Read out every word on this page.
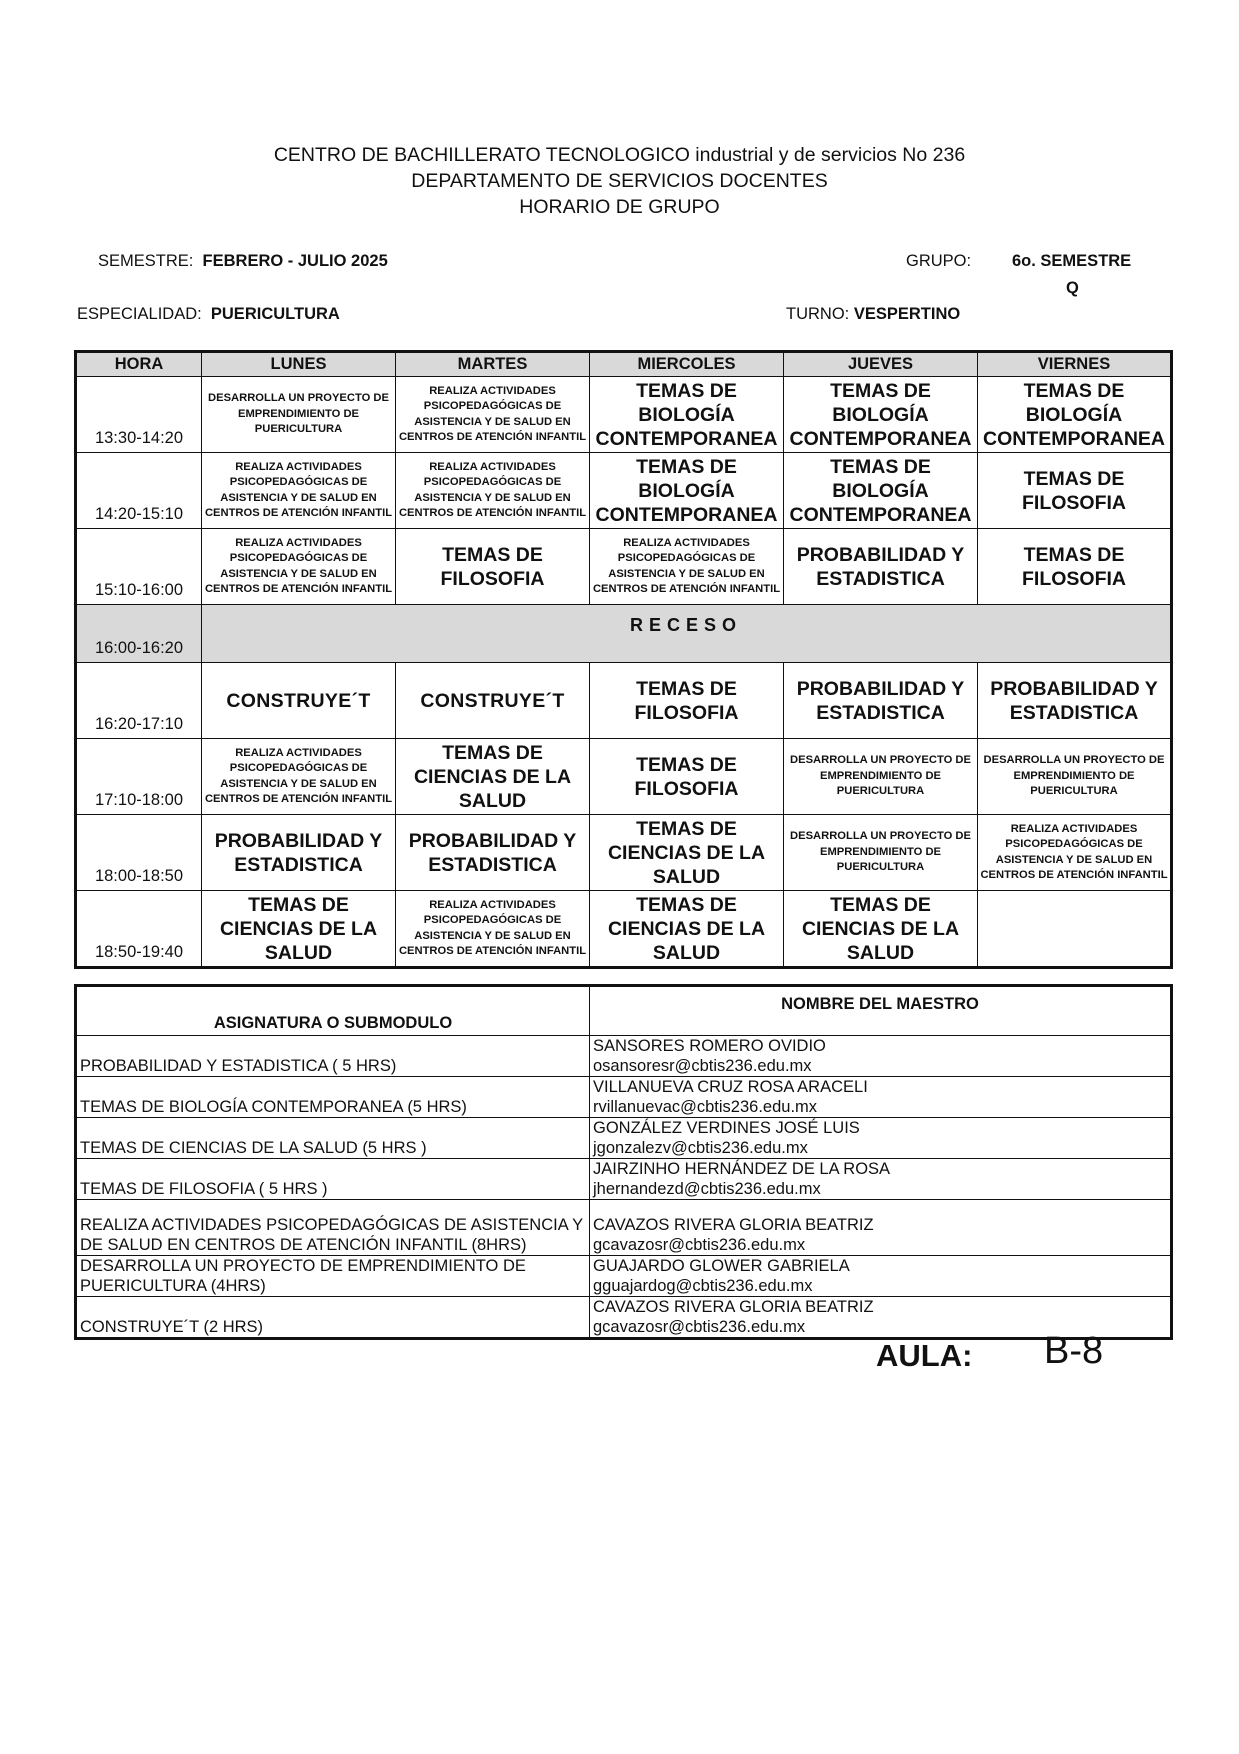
CENTRO DE BACHILLERATO TECNOLOGICO industrial y de servicios No 236
DEPARTAMENTO DE SERVICIOS DOCENTES
HORARIO DE GRUPO
SEMESTRE: FEBRERO - JULIO 2025	GRUPO: 6o. SEMESTRE
Q
ESPECIALIDAD: PUERICULTURA	TURNO: VESPERTINO
HORA	LUNES	MARTES	MIERCOLES	JUEVES	VIERNES
13:30-14:20	DESARROLLA UN PROYECTO DE EMPRENDIMIENTO DE PUERICULTURA	REALIZA ACTIVIDADES PSICOPEDAGÓGICAS DE ASISTENCIA Y DE SALUD EN CENTROS DE ATENCIÓN INFANTIL	TEMAS DE BIOLOGÍA CONTEMPORANEA	TEMAS DE BIOLOGÍA CONTEMPORANEA	TEMAS DE BIOLOGÍA CONTEMPORANEA

14:20-15:10	REALIZA ACTIVIDADES PSICOPEDAGÓGICAS DE ASISTENCIA Y DE SALUD EN CENTROS DE ATENCIÓN INFANTIL	REALIZA ACTIVIDADES PSICOPEDAGÓGICAS DE ASISTENCIA Y DE SALUD EN CENTROS DE ATENCIÓN INFANTIL	TEMAS DE BIOLOGÍA CONTEMPORANEA	TEMAS DE BIOLOGÍA CONTEMPORANEA	TEMAS DE FILOSOFIA

15:10-16:00	REALIZA ACTIVIDADES PSICOPEDAGÓGICAS DE ASISTENCIA Y DE SALUD EN CENTROS DE ATENCIÓN INFANTIL	TEMAS DE FILOSOFIA	REALIZA ACTIVIDADES PSICOPEDAGÓGICAS DE ASISTENCIA Y DE SALUD EN CENTROS DE ATENCIÓN INFANTIL	PROBABILIDAD Y ESTADISTICA	TEMAS DE FILOSOFIA

16:00-16:20	RECESO				
16:20-17:10	CONSTRUYE´T	CONSTRUYE´T	TEMAS DE FILOSOFIA	PROBABILIDAD Y ESTADISTICA	PROBABILIDAD Y ESTADISTICA

17:10-18:00	REALIZA ACTIVIDADES PSICOPEDAGÓGICAS DE ASISTENCIA Y DE SALUD EN CENTROS DE ATENCIÓN INFANTIL	TEMAS DE CIENCIAS DE LA SALUD	TEMAS DE FILOSOFIA	DESARROLLA UN PROYECTO DE EMPRENDIMIENTO DE PUERICULTURA	DESARROLLA UN PROYECTO DE EMPRENDIMIENTO DE PUERICULTURA

18:00-18:50	PROBABILIDAD Y ESTADISTICA	PROBABILIDAD Y ESTADISTICA	TEMAS DE CIENCIAS DE LA SALUD	DESARROLLA UN PROYECTO DE EMPRENDIMIENTO DE PUERICULTURA	REALIZA ACTIVIDADES PSICOPEDAGÓGICAS DE ASISTENCIA Y DE SALUD EN CENTROS DE ATENCIÓN INFANTIL

18:50-19:40	TEMAS DE CIENCIAS DE LA SALUD	REALIZA ACTIVIDADES PSICOPEDAGÓGICAS DE ASISTENCIA Y DE SALUD EN CENTROS DE ATENCIÓN INFANTIL	TEMAS DE CIENCIAS DE LA SALUD	TEMAS DE CIENCIAS DE LA SALUD	

ASIGNATURA O SUBMODULO	NOMBRE DEL MAESTRO
PROBABILIDAD Y ESTADISTICA ( 5 HRS)	SANSORES ROMERO OVIDIO
osansoresr@cbtis236.edu.mx

TEMAS DE BIOLOGÍA CONTEMPORANEA (5 HRS)	VILLANUEVA CRUZ ROSA ARACELI
rvillanuevac@cbtis236.edu.mx

TEMAS DE CIENCIAS DE LA SALUD (5 HRS )	GONZÁLEZ VERDINES JOSÉ LUIS
jgonzalezv@cbtis236.edu.mx

TEMAS DE FILOSOFIA ( 5 HRS )	JAIRZINHO HERNÁNDEZ DE LA ROSA
jhernandezd@cbtis236.edu.mx

REALIZA ACTIVIDADES PSICOPEDAGÓGICAS DE ASISTENCIA Y DE SALUD EN CENTROS DE ATENCIÓN INFANTIL (8HRS)	CAVAZOS RIVERA GLORIA BEATRIZ
gcavazosr@cbtis236.edu.mx

DESARROLLA UN PROYECTO DE EMPRENDIMIENTO DE PUERICULTURA (4HRS)	GUAJARDO GLOWER GABRIELA
gguajardog@cbtis236.edu.mx

CONSTRUYE´T (2 HRS)	CAVAZOS RIVERA GLORIA BEATRIZ
gcavazosr@cbtis236.edu.mx
AULA: B-8
